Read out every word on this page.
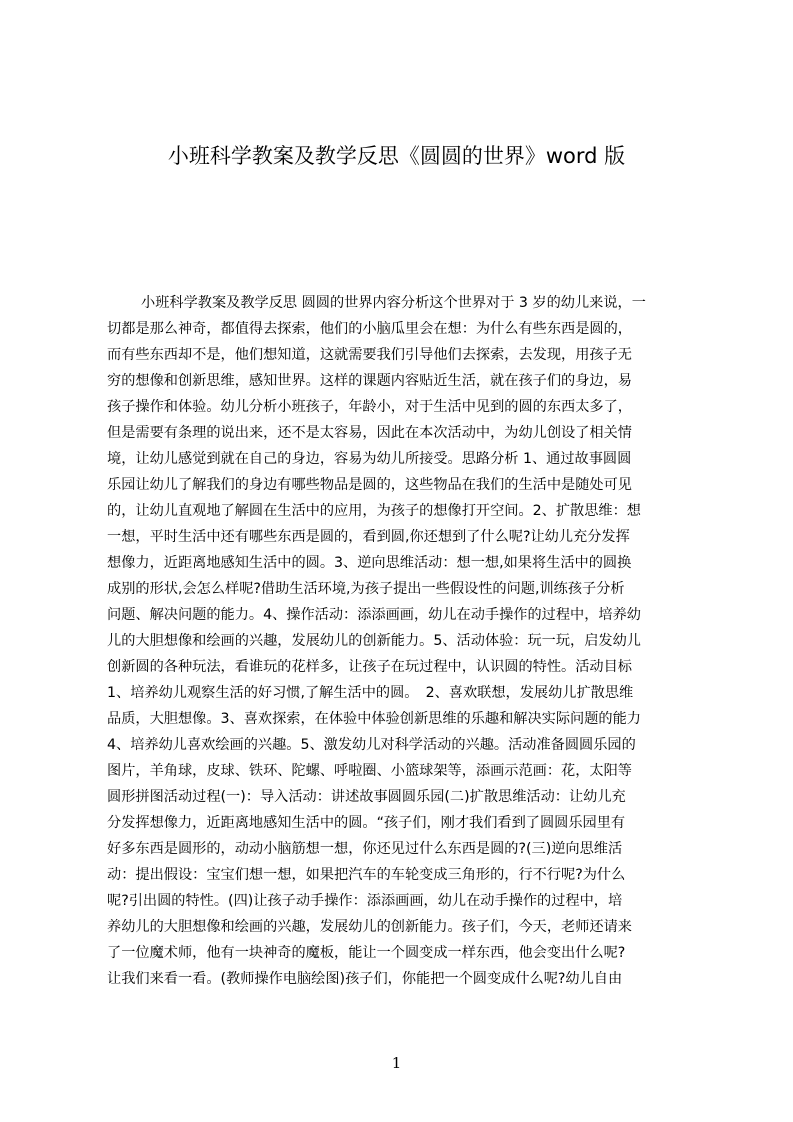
小班科学教案及教学反思《圆圆的世界》word 版
小班科学教案及教学反思 圆圆的世界内容分析这个世界对于 3 岁的幼儿来说，一
切都是那么神奇，都值得去探索，他们的小脑瓜里会在想：为什么有些东西是圆的，
而有些东西却不是，他们想知道，这就需要我们引导他们去探索，去发现，用孩子无
穷的想像和创新思维，感知世界。这样的课题内容贴近生活，就在孩子们的身边，易
孩子操作和体验。幼儿分析小班孩子，年龄小，对于生活中见到的圆的东西太多了，
但是需要有条理的说出来，还不是太容易，因此在本次活动中，为幼儿创设了相关情
境，让幼儿感觉到就在自己的身边，容易为幼儿所接受。思路分析 1、通过故事圆圆
乐园让幼儿了解我们的身边有哪些物品是圆的，这些物品在我们的生活中是随处可见
的，让幼儿直观地了解圆在生活中的应用，为孩子的想像打开空间。2、扩散思维：想
一想，平时生活中还有哪些东西是圆的，看到圆,你还想到了什么呢?让幼儿充分发挥
想像力，近距离地感知生活中的圆。3、逆向思维活动：想一想,如果将生活中的圆换
成别的形状,会怎么样呢?借助生活环境,为孩子提出一些假设性的问题,训练孩子分析
问题、解决问题的能力。4、操作活动：添添画画，幼儿在动手操作的过程中，培养幼
儿的大胆想像和绘画的兴趣，发展幼儿的创新能力。5、活动体验：玩一玩，启发幼儿
创新圆的各种玩法，看谁玩的花样多，让孩子在玩过程中，认识圆的特性。活动目标
1、培养幼儿观察生活的好习惯,了解生活中的圆。　2、喜欢联想，发展幼儿扩散思维
品质，大胆想像。3、喜欢探索，在体验中体验创新思维的乐趣和解决实际问题的能力
4、培养幼儿喜欢绘画的兴趣。5、激发幼儿对科学活动的兴趣。活动准备圆圆乐园的
图片，羊角球，皮球、铁环、陀螺、呼啦圈、小篮球架等，添画示范画：花，太阳等
圆形拼图活动过程(一)：导入活动：讲述故事圆圆乐园(二)扩散思维活动：让幼儿充
分发挥想像力，近距离地感知生活中的圆。“孩子们，刚才我们看到了圆圆乐园里有
好多东西是圆形的，动动小脑筋想一想，你还见过什么东西是圆的?(三)逆向思维活
动：提出假设：宝宝们想一想，如果把汽车的车轮变成三角形的，行不行呢?为什么
呢?引出圆的特性。(四)让孩子动手操作：添添画画，幼儿在动手操作的过程中，培
养幼儿的大胆想像和绘画的兴趣，发展幼儿的创新能力。孩子们，今天，老师还请来
了一位魔术师，他有一块神奇的魔板，能让一个圆变成一样东西，他会变出什么呢?
让我们来看一看。(教师操作电脑绘图)孩子们，你能把一个圆变成什么呢?幼儿自由
1
